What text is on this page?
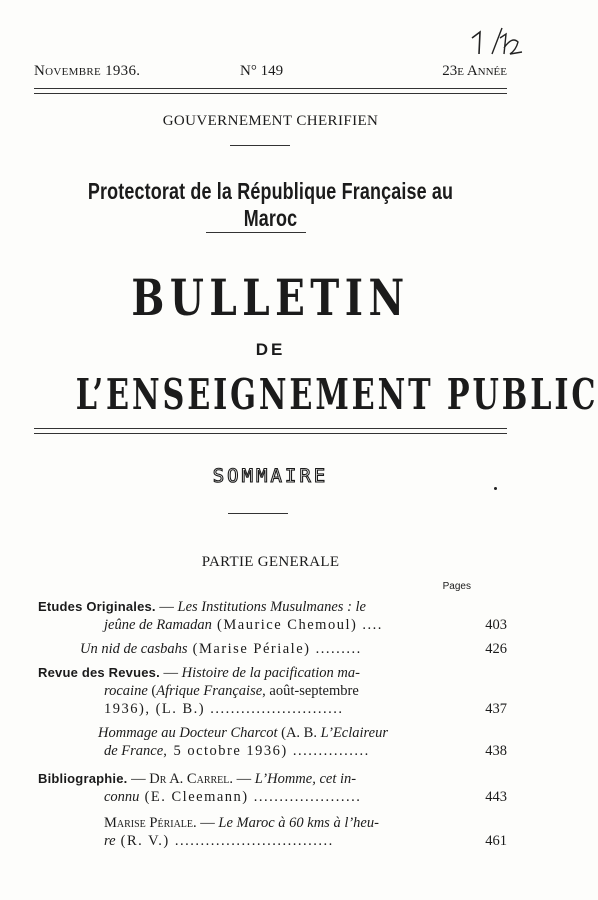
Novembre 1936.	N° 149	23e Année
GOUVERNEMENT CHERIFIEN
Protectorat de la République Française au Maroc
BULLETIN
DE
L’ENSEIGNEMENT PUBLIC
SOMMAIRE
PARTIE GENERALE
Pages
Etudes Originales. — Les Institutions Musulmanes : le
jeûne de Ramadan (Maurice Chemoul) ....	403
Un nid de casbahs (Marise Périale) .........	426
Revue des Revues. — Histoire de la pacification ma-
rocaine (Afrique Française, août-septembre
1936), (L. B.) ..........................	437
Hommage au Docteur Charcot (A. B. L’Eclaireur
de France, 5 octobre 1936) ...............	438
Bibliographie. — Dr A. Carrel. — L’Homme, cet in-
connu (E. Cleemann) .....................	443
Marise Périale. — Le Maroc à 60 kms à l’heu-
re (R. V.) ...............................	461
